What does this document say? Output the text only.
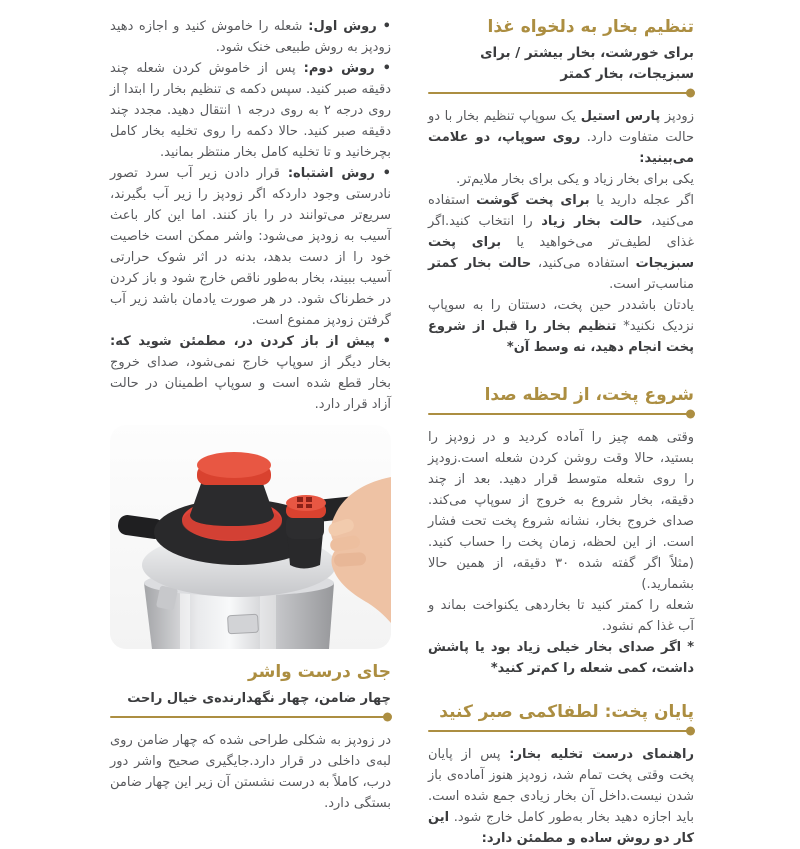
تنظیم بخار به دلخواه غذا
برای خورشت، بخار بیشتر / برای سبزیجات، بخار کمتر

زودپز پارس استیل یک سوپاپ تنظیم بخار با دو حالت متفاوت دارد. روی سوپاپ، دو علامت می‌بینید:

یکی برای بخار زیاد و یکی برای بخار ملایم‌تر.

اگر عجله دارید یا برای پخت گوشت استفاده می‌کنید، حالت بخار زیاد را انتخاب کنید.اگر غذای لطیف‌تر می‌خواهید یا برای پخت سبزیجات استفاده می‌کنید، حالت بخار کمتر مناسب‌تر است.

یادتان باشددر حین پخت، دستتان را به سوپاپ نزدیک نکنید* تنظیم بخار را قبل از شروع پخت انجام دهید، نه وسط آن*

شروع پخت، از لحظه صدا

وقتی همه چیز را آماده کردید و در زودپز را بستید، حالا وقت روشن کردن شعله است.زودپز را روی شعله متوسط قرار دهید. بعد از چند دقیقه، بخار شروع به خروج از سوپاپ می‌کند. صدای خروج بخار، نشانه شروع پخت تحت فشار است. از این لحظه، زمان پخت را حساب کنید. (مثلاً اگر گفته شده ۳۰ دقیقه، از همین حالا بشمارید.)

شعله را کمتر کنید تا بخاردهی یکنواخت بماند و آب غذا کم نشود.

* اگر صدای بخار خیلی زیاد بود یا پاشش داشت، کمی شعله را کم‌تر کنید*

پایان پخت: لطفاکمی صبر کنید

راهنمای درست تخلیه بخار: پس از پایان پخت وقتی پخت تمام شد، زودپز هنوز آماده‌ی باز شدن نیست.داخل آن بخار زیادی جمع شده است. باید اجازه دهید بخار به‌طور کامل خارج شود. این کار دو روش ساده و مطمئن دارد:

• روش اول: شعله را خاموش کنید و اجازه دهید زودپز به روش طبیعی خنک شود.

• روش دوم: پس از خاموش کردن شعله چند دقیقه صبر کنید. سپس دکمه ی تنظیم بخار را ابتدا از روی درجه ۲ به روی درجه ۱ انتقال دهید. مجدد چند دقیقه صبر کنید. حالا دکمه را روی تخلیه بخار کامل بچرخانید و تا تخلیه کامل بخار منتظر بمانید.

• روش اشتباه: قرار دادن زیر آب سرد تصور نادرستی وجود داردکه اگر زودپز را زیر آب بگیرند، سریع‌تر می‌توانند در را باز کنند. اما این کار باعث آسیب به زودپز می‌شود: واشر ممکن است خاصیت خود را از دست بدهد، بدنه در اثر شوک حرارتی آسیب ببیند، بخار به‌طور ناقص خارج شود و باز کردن در خطرناک شود. در هر صورت یادمان باشد زیر آب گرفتن زودپز ممنوع است.

• پیش از باز کردن در، مطمئن شوید که: بخار دیگر از سوپاپ خارج نمی‌شود، صدای خروج بخار قطع شده است و سوپاپ اطمینان در حالت آزاد قرار دارد.

جای درست واشر
چهار ضامن، چهار نگهدارنده‌ی خیال راحت

در زودپز به شکلی طراحی شده که چهار ضامن روی لبه‌ی داخلی در قرار دارد.جایگیری صحیح واشر دور درب، کاملاً به درست نشستن آن زیر این چهار ضامن بستگی دارد.
